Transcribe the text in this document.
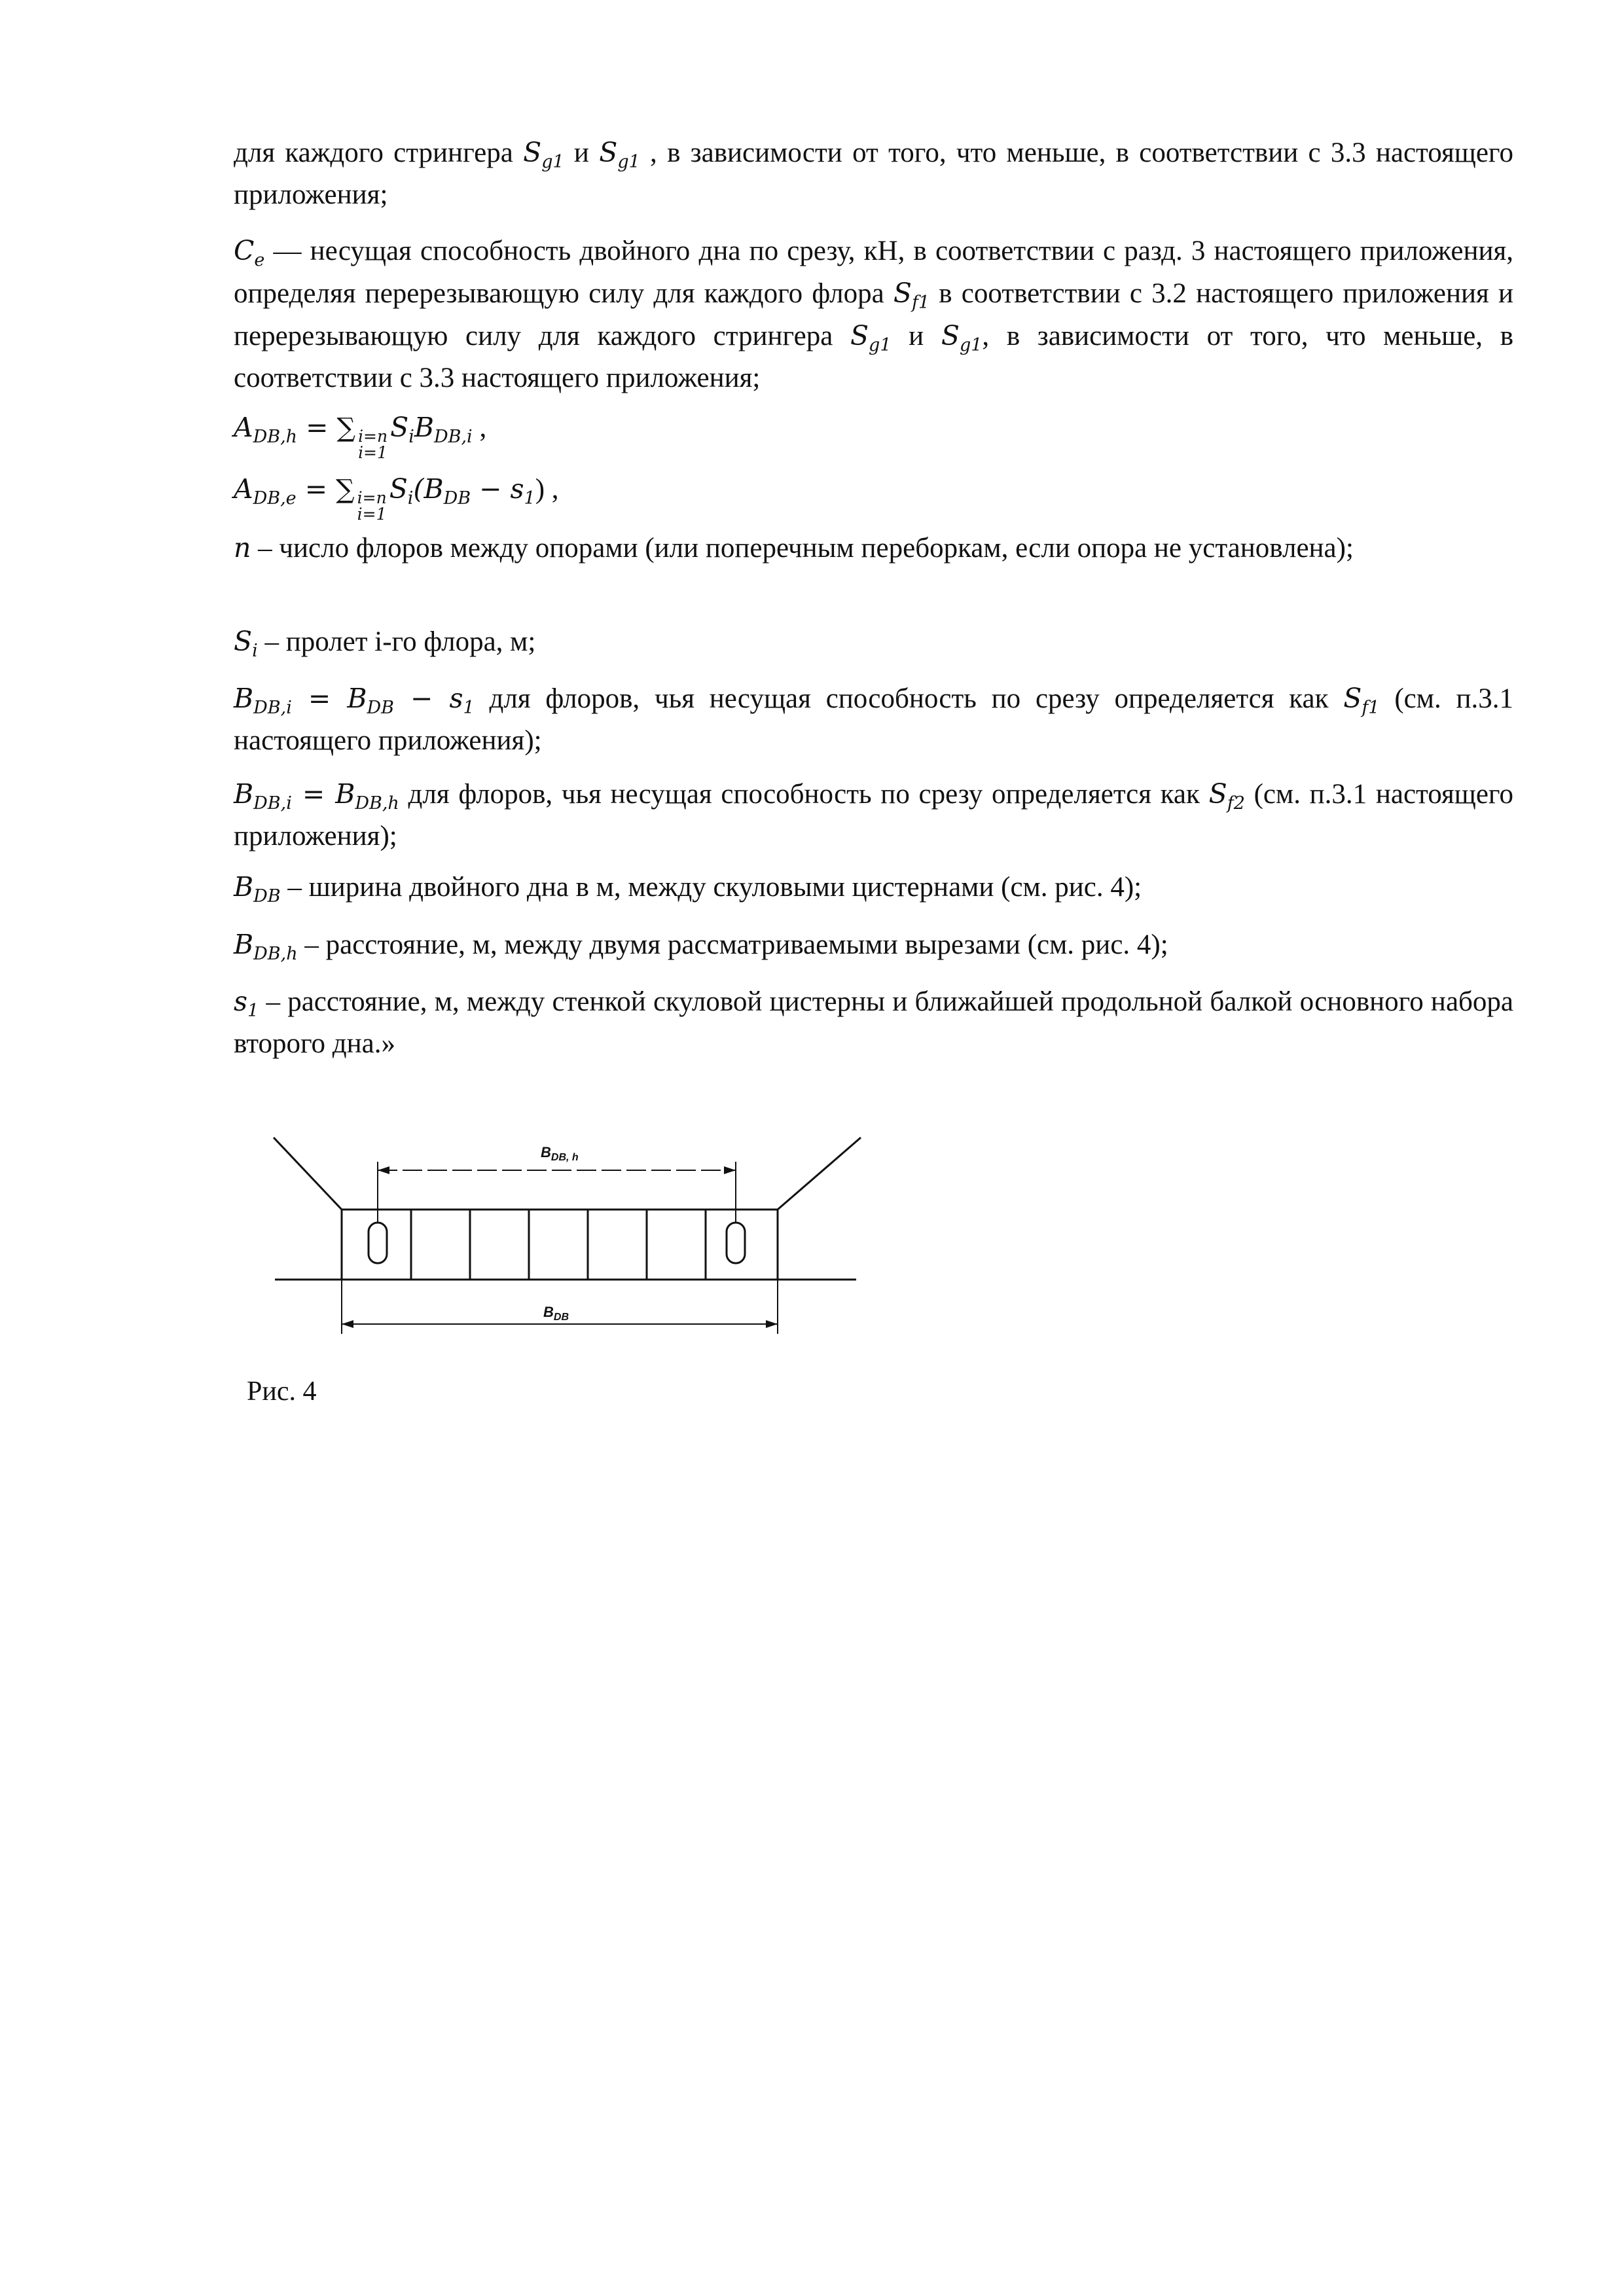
для каждого стрингера $S_{g1}$ и $S_{g1}$ , в зависимости от того, что меньше, в соответствии с 3.3 настоящего приложения;

$C_e$ — несущая способность двойного дна по срезу, кН, в соответствии с разд. 3 настоящего приложения, определяя перерезывающую силу для каждого флора $S_{f1}$ в соответствии с 3.2 настоящего приложения и перерезывающую силу для каждого стрингера $S_{g1}$ и $S_{g1}$, в зависимости от того, что меньше, в соответствии с 3.3 настоящего приложения;

$A_{DB,h}$ = ∑ i=n
i=1
$S_iB_{DB,i}$ ,

$A_{DB,e}$ = ∑ i=n
i=1
$S_i(B_{DB} - s_1)$ ,

n – число флоров между опорами (или поперечным переборкам, если опора не установлена);

$S_i$ – пролет i-го флора, м;

$B_{DB,i} = B_{DB} - s_1$ для флоров, чья несущая способность по срезу определяется как $S_{f1}$ (см. п.3.1 настоящего приложения);

$B_{DB,i} = B_{DB,h}$ для флоров, чья несущая способность по срезу определяется как $S_{f2}$ (см. п.3.1 настоящего приложения);

$B_{DB}$ – ширина двойного дна в м, между скуловыми цистернами (см. рис. 4);

$B_{DB,h}$ – расстояние, м, между двумя рассматриваемыми вырезами (см. рис. 4);

$s_1$ – расстояние, м, между стенкой скуловой цистерны и ближайшей продольной балкой основного набора второго дна.»

$B_{DB, h}$
$B_{DB}$
Рис. 4
